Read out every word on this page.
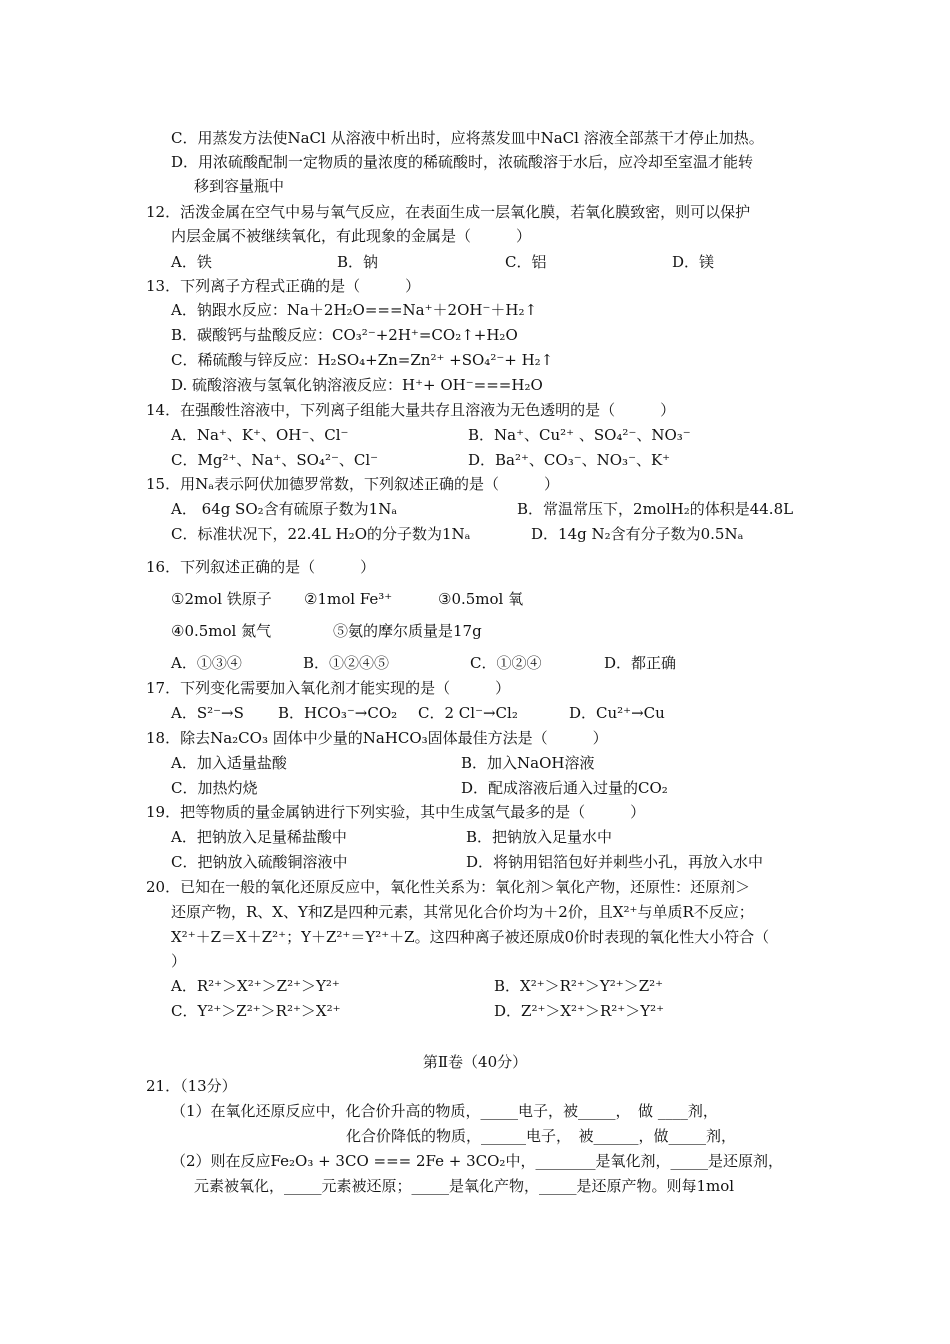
C．用蒸发方法使NaCl 从溶液中析出时，应将蒸发皿中NaCl 溶液全部蒸干才停止加热。
D．用浓硫酸配制一定物质的量浓度的稀硫酸时，浓硫酸溶于水后，应冷却至室温才能转
移到容量瓶中
12．活泼金属在空气中易与氧气反应，在表面生成一层氧化膜，若氧化膜致密，则可以保护
内层金属不被继续氧化，有此现象的金属是（　　　）
A．铁	B．钠	C．铝	D．镁
13．下列离子方程式正确的是（　　　）
A．钠跟水反应：Na＋2H₂O===Na⁺＋2OH⁻＋H₂↑
B．碳酸钙与盐酸反应：CO₃²⁻+2H⁺=CO₂↑+H₂O
C．稀硫酸与锌反应：H₂SO₄+Zn=Zn²⁺ +SO₄²⁻+ H₂↑
D. 硫酸溶液与氢氧化钠溶液反应：H⁺+ OH⁻===H₂O
14．在强酸性溶液中，下列离子组能大量共存且溶液为无色透明的是（　　　）
A．Na⁺、K⁺、OH⁻、Cl⁻	B．Na⁺、Cu²⁺ 、SO₄²⁻、NO₃⁻
C．Mg²⁺、Na⁺、SO₄²⁻、Cl⁻	D．Ba²⁺、CO₃⁻、NO₃⁻、K⁺
15．用Nₐ表示阿伏加德罗常数，下列叙述正确的是（　　　）
A． 64g SO₂含有硫原子数为1Nₐ	B．常温常压下，2molH₂的体积是44.8L
C．标准状况下，22.4L H₂O的分子数为1Nₐ	D．14g N₂含有分子数为0.5Nₐ
16．下列叙述正确的是（　　　）
①2mol 铁原子 ②1mol Fe³⁺	③0.5mol 氧
④0.5mol 氮气	⑤氨的摩尔质量是17g
A．①③④	B．①②④⑤	C．①②④	D．都正确
17．下列变化需要加入氧化剂才能实现的是（　　　）
A．S²⁻→S B．HCO₃⁻→CO₂ C．2 Cl⁻→Cl₂	D．Cu²⁺→Cu
18．除去Na₂CO₃ 固体中少量的NaHCO₃固体最佳方法是（　　　）
A．加入适量盐酸	B．加入NaOH溶液
C．加热灼烧	D．配成溶液后通入过量的CO₂
19．把等物质的量金属钠进行下列实验，其中生成氢气最多的是（　　　）
A．把钠放入足量稀盐酸中	B．把钠放入足量水中
C．把钠放入硫酸铜溶液中	D．将钠用铝箔包好并刺些小孔，再放入水中
20．已知在一般的氧化还原反应中，氧化性关系为：氧化剂＞氧化产物，还原性：还原剂＞
还原产物，R、X、Y和Z是四种元素，其常见化合价均为＋2价，且X²⁺与单质R不反应；
X²⁺＋Z＝X＋Z²⁺；Y＋Z²⁺＝Y²⁺＋Z。这四种离子被还原成0价时表现的氧化性大小符合（
）
A．R²⁺＞X²⁺＞Z²⁺＞Y²⁺	B．X²⁺＞R²⁺＞Y²⁺＞Z²⁺
C．Y²⁺＞Z²⁺＞R²⁺＞X²⁺	D．Z²⁺＞X²⁺＞R²⁺＞Y²⁺
第Ⅱ卷（40分）
21．（13分）
（1）在氧化还原反应中，化合价升高的物质，_____电子，被_____，　做 ____剂，
化合价降低的物质，______电子，　被______，做_____剂，
（2）则在反应Fe₂O₃ + 3CO === 2Fe + 3CO₂中，________是氧化剂，_____是还原剂，
元素被氧化，_____元素被还原；_____是氧化产物，_____是还原产物。则每1mol
